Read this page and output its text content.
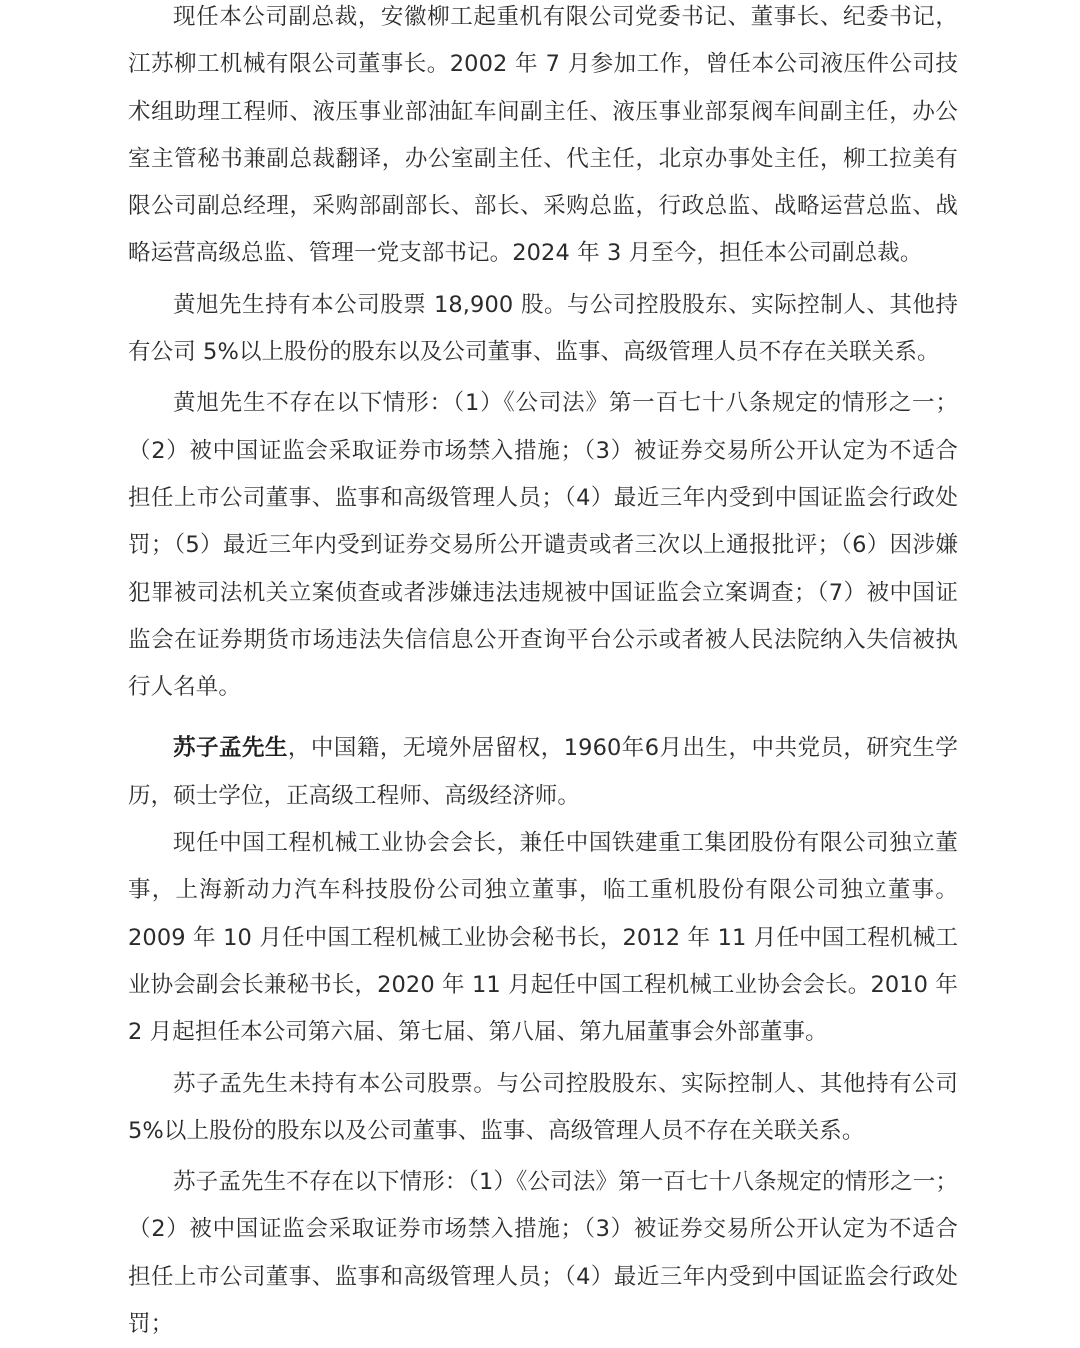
现任本公司副总裁，安徽柳工起重机有限公司党委书记、董事长、纪委书记，江苏柳工机械有限公司董事长。2002 年 7 月参加工作，曾任本公司液压件公司技术组助理工程师、液压事业部油缸车间副主任、液压事业部泵阀车间副主任，办公室主管秘书兼副总裁翻译，办公室副主任、代主任，北京办事处主任，柳工拉美有限公司副总经理，采购部副部长、部长、采购总监，行政总监、战略运营总监、战略运营高级总监、管理一党支部书记。2024 年 3 月至今，担任本公司副总裁。

黄旭先生持有本公司股票 18,900 股。与公司控股股东、实际控制人、其他持有公司 5%以上股份的股东以及公司董事、监事、高级管理人员不存在关联关系。

黄旭先生不存在以下情形：（1）《公司法》第一百七十八条规定的情形之一；（2）被中国证监会采取证券市场禁入措施；（3）被证券交易所公开认定为不适合担任上市公司董事、监事和高级管理人员；（4）最近三年内受到中国证监会行政处罚；（5）最近三年内受到证券交易所公开谴责或者三次以上通报批评；（6）因涉嫌犯罪被司法机关立案侦查或者涉嫌违法违规被中国证监会立案调查；（7）被中国证监会在证券期货市场违法失信信息公开查询平台公示或者被人民法院纳入失信被执行人名单。

苏子孟先生，中国籍，无境外居留权，1960年6月出生，中共党员，研究生学历，硕士学位，正高级工程师、高级经济师。

现任中国工程机械工业协会会长，兼任中国铁建重工集团股份有限公司独立董事，上海新动力汽车科技股份公司独立董事，临工重机股份有限公司独立董事。2009 年 10 月任中国工程机械工业协会秘书长，2012 年 11 月任中国工程机械工业协会副会长兼秘书长，2020 年 11 月起任中国工程机械工业协会会长。2010 年 2 月起担任本公司第六届、第七届、第八届、第九届董事会外部董事。

苏子孟先生未持有本公司股票。与公司控股股东、实际控制人、其他持有公司 5%以上股份的股东以及公司董事、监事、高级管理人员不存在关联关系。

苏子孟先生不存在以下情形：（1）《公司法》第一百七十八条规定的情形之一；（2）被中国证监会采取证券市场禁入措施；（3）被证券交易所公开认定为不适合担任上市公司董事、监事和高级管理人员；（4）最近三年内受到中国证监会行政处罚；
